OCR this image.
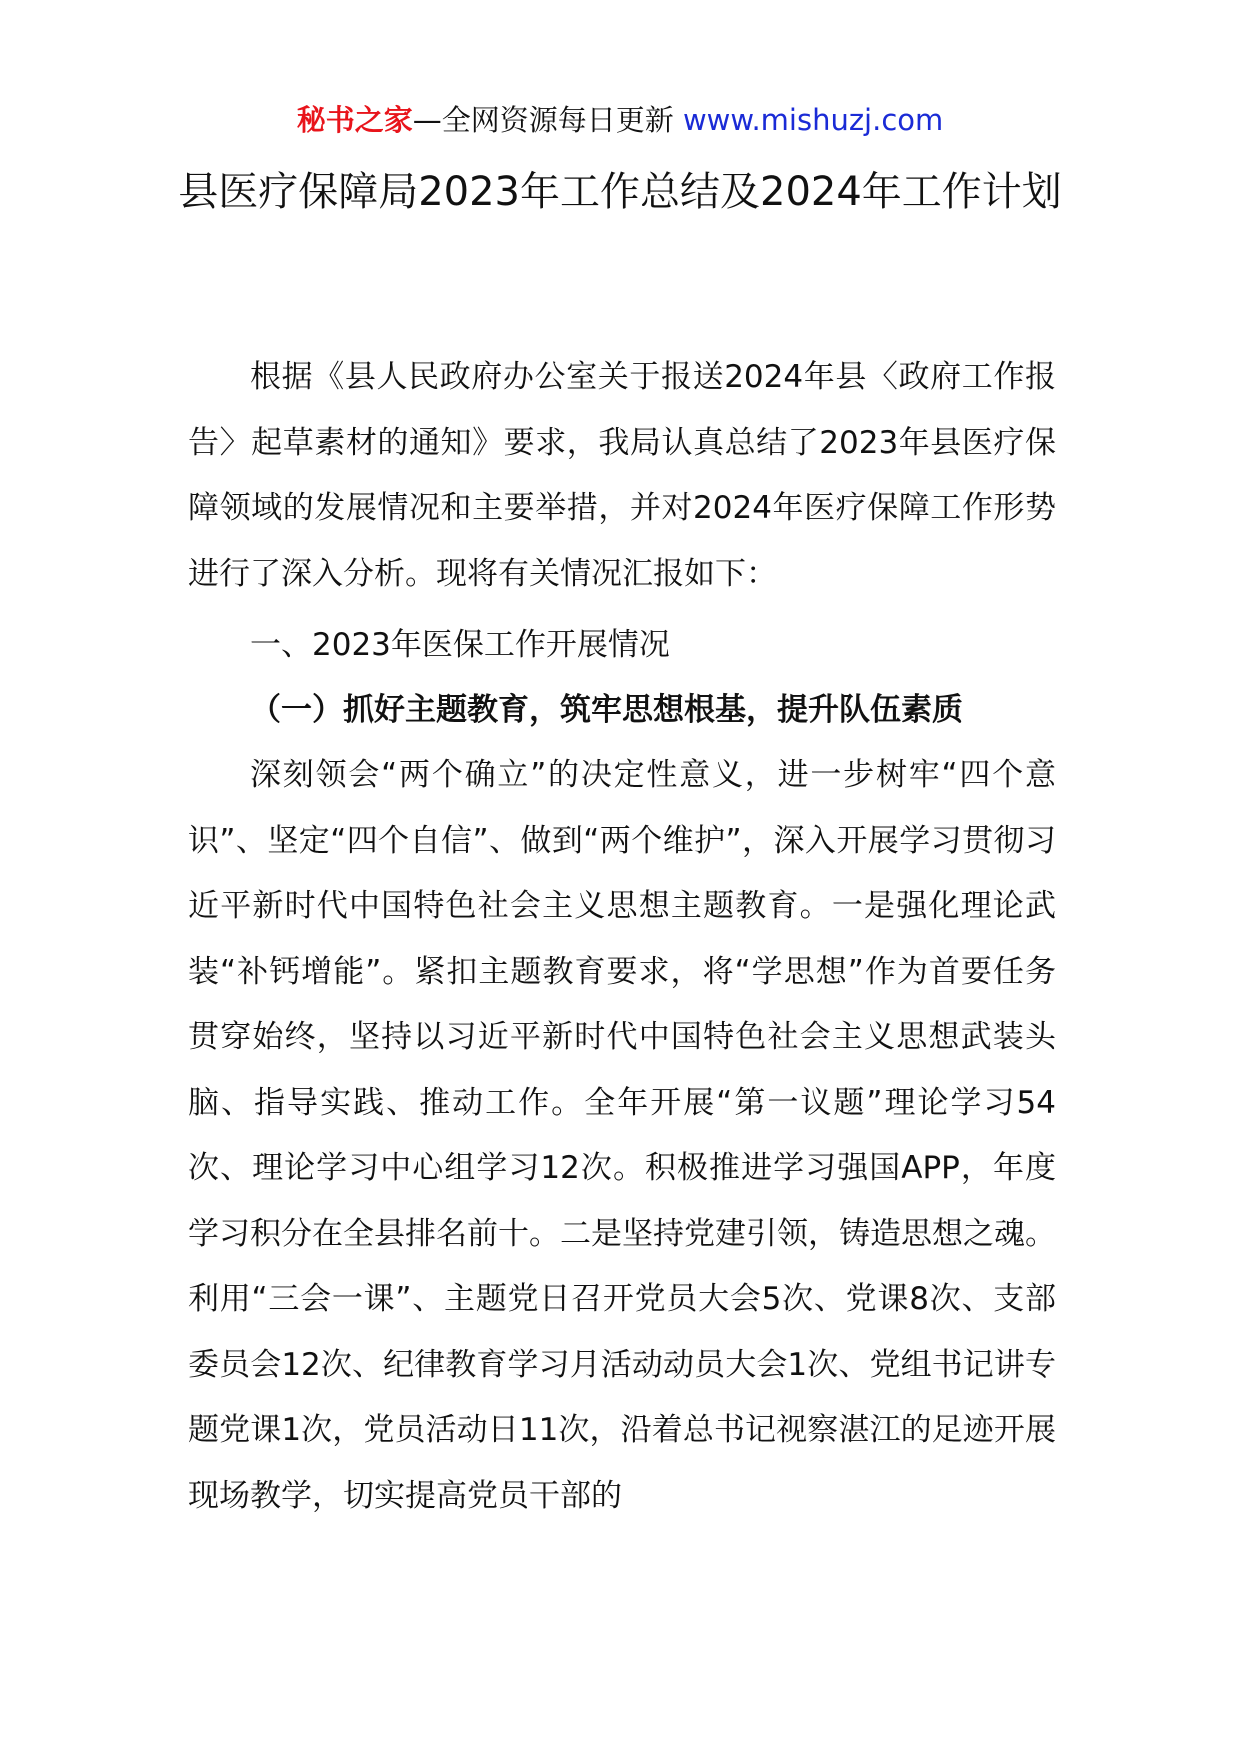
秘书之家—全网资源每日更新 www.mishuzj.com
县医疗保障局2023年工作总结及2024年工作计划

根据《县人民政府办公室关于报送2024年县〈政府工作报告〉起草素材的通知》要求，我局认真总结了2023年县医疗保障领域的发展情况和主要举措，并对2024年医疗保障工作形势进行了深入分析。现将有关情况汇报如下：

一、2023年医保工作开展情况
（一）抓好主题教育，筑牢思想根基，提升队伍素质

深刻领会“两个确立”的决定性意义，进一步树牢“四个意识”、坚定“四个自信”、做到“两个维护”，深入开展学习贯彻习近平新时代中国特色社会主义思想主题教育。一是强化理论武装“补钙增能”。紧扣主题教育要求，将“学思想”作为首要任务贯穿始终，坚持以习近平新时代中国特色社会主义思想武装头脑、指导实践、推动工作。全年开展“第一议题”理论学习54次、理论学习中心组学习12次。积极推进学习强国APP，年度学习积分在全县排名前十。二是坚持党建引领，铸造思想之魂。利用“三会一课”、主题党日召开党员大会5次、党课8次、支部委员会12次、纪律教育学习月活动动员大会1次、党组书记讲专题党课1次，党员活动日11次，沿着总书记视察湛江的足迹开展现场教学，切实提高党员干部的
